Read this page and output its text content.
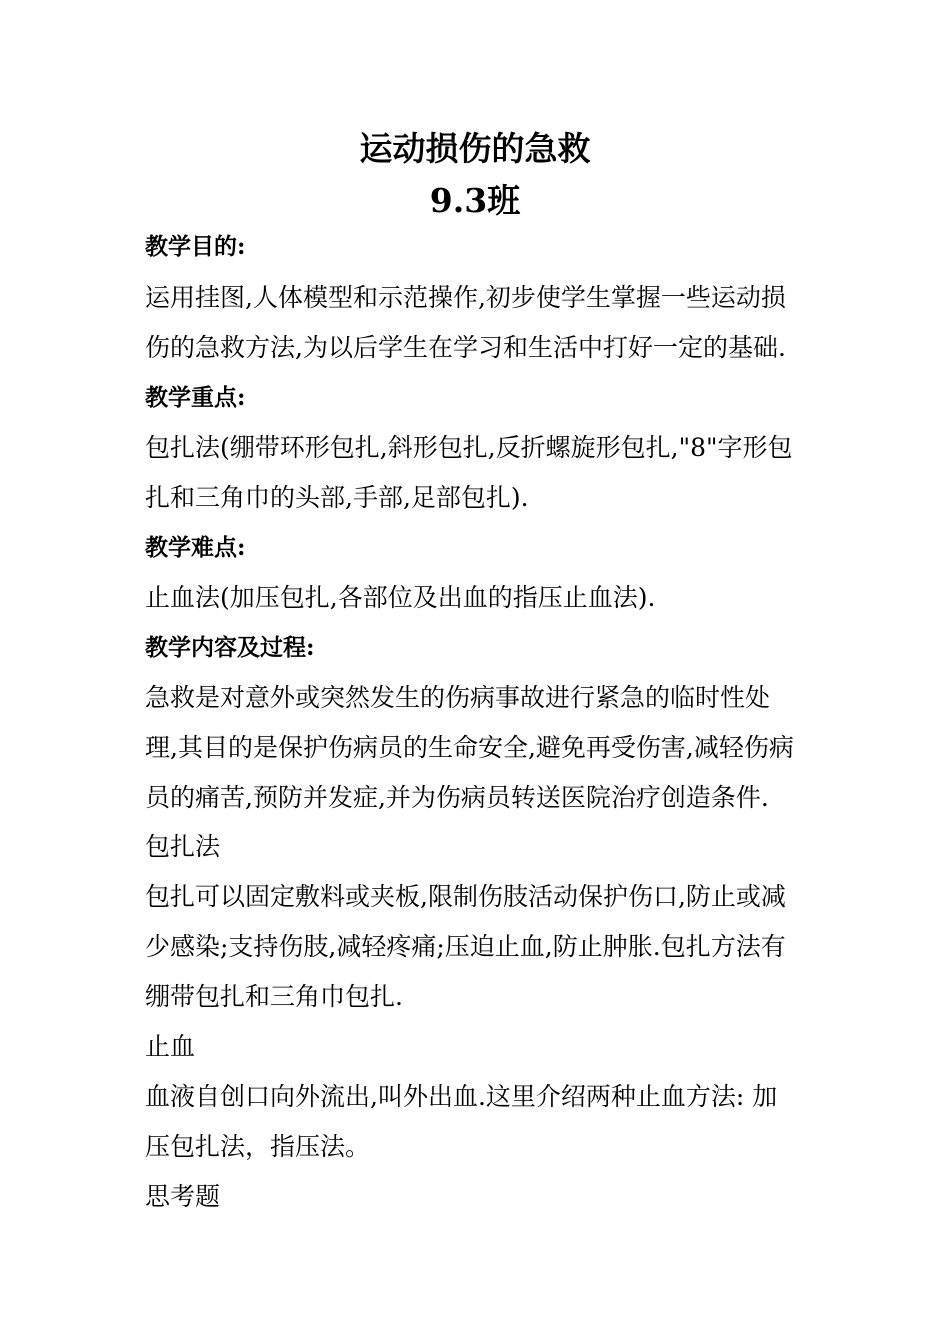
运动损伤的急救
9.3班
教学目的:
运用挂图,人体模型和示范操作,初步使学生掌握一些运动损
伤的急救方法,为以后学生在学习和生活中打好一定的基础.
教学重点:
包扎法(绷带环形包扎,斜形包扎,反折螺旋形包扎,"8"字形包
扎和三角巾的头部,手部,足部包扎).
教学难点:
止血法(加压包扎,各部位及出血的指压止血法).
教学内容及过程:
急救是对意外或突然发生的伤病事故进行紧急的临时性处
理,其目的是保护伤病员的生命安全,避免再受伤害,减轻伤病
员的痛苦,预防并发症,并为伤病员转送医院治疗创造条件.
包扎法
包扎可以固定敷料或夹板,限制伤肢活动保护伤口,防止或减
少感染;支持伤肢,减轻疼痛;压迫止血,防止肿胀.包扎方法有
绷带包扎和三角巾包扎.
止血
血液自创口向外流出,叫外出血.这里介绍两种止血方法: 加
压包扎法，指压法。
思考题
